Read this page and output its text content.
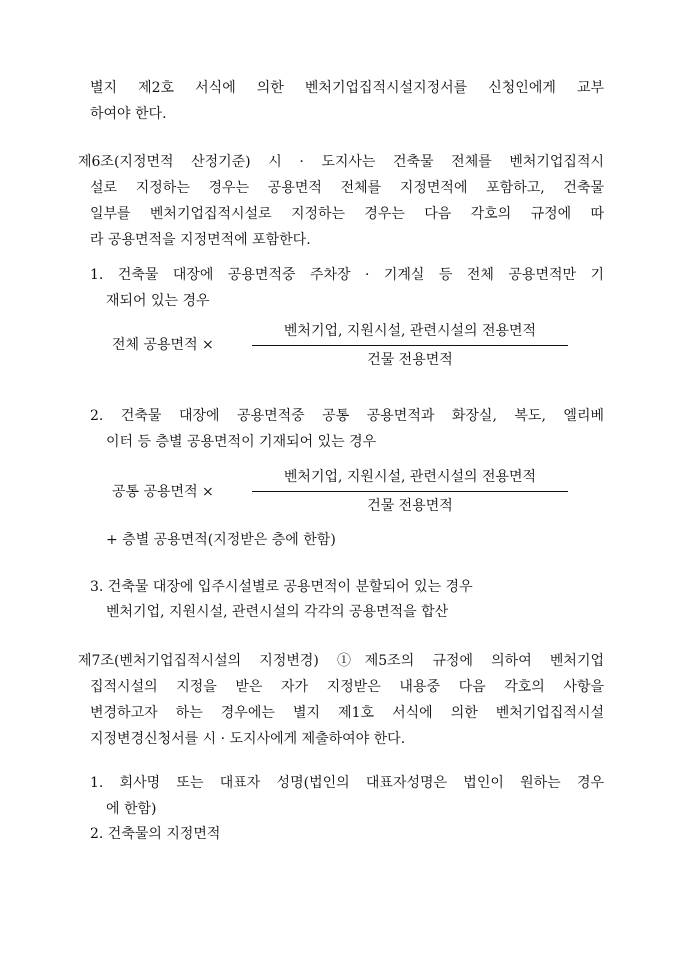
별지 제2호 서식에 의한 벤처기업집적시설지정서를 신청인에게 교부
하여야 한다.
제6조(지정면적 산정기준) 시 · 도지사는 건축물 전체를 벤처기업집적시
설로 지정하는 경우는 공용면적 전체를 지정면적에 포함하고, 건축물
일부를 벤처기업집적시설로 지정하는 경우는 다음 각호의 규정에 따
라 공용면적을 지정면적에 포함한다.
1. 건축물 대장에 공용면적중 주차장 · 기계실 등 전체 공용면적만 기
재되어 있는 경우
전체 공용면적 ×
벤처기업, 지원시설, 관련시설의 전용면적
건물 전용면적
2. 건축물 대장에 공용면적중 공통 공용면적과 화장실, 복도, 엘리베
이터 등 층별 공용면적이 기재되어 있는 경우
공통 공용면적 ×
벤처기업, 지원시설, 관련시설의 전용면적
건물 전용면적
+ 층별 공용면적(지정받은 층에 한함)
3. 건축물 대장에 입주시설별로 공용면적이 분할되어 있는 경우
벤처기업, 지원시설, 관련시설의 각각의 공용면적을 합산
제7조(벤처기업집적시설의 지정변경) ①제5조의 규정에 의하여 벤처기업
집적시설의 지정을 받은 자가 지정받은 내용중 다음 각호의 사항을
변경하고자 하는 경우에는 별지 제1호 서식에 의한 벤처기업집적시설
지정변경신청서를 시 · 도지사에게 제출하여야 한다.
1. 회사명 또는 대표자 성명(법인의 대표자성명은 법인이 원하는 경우
에 한함)
2. 건축물의 지정면적
